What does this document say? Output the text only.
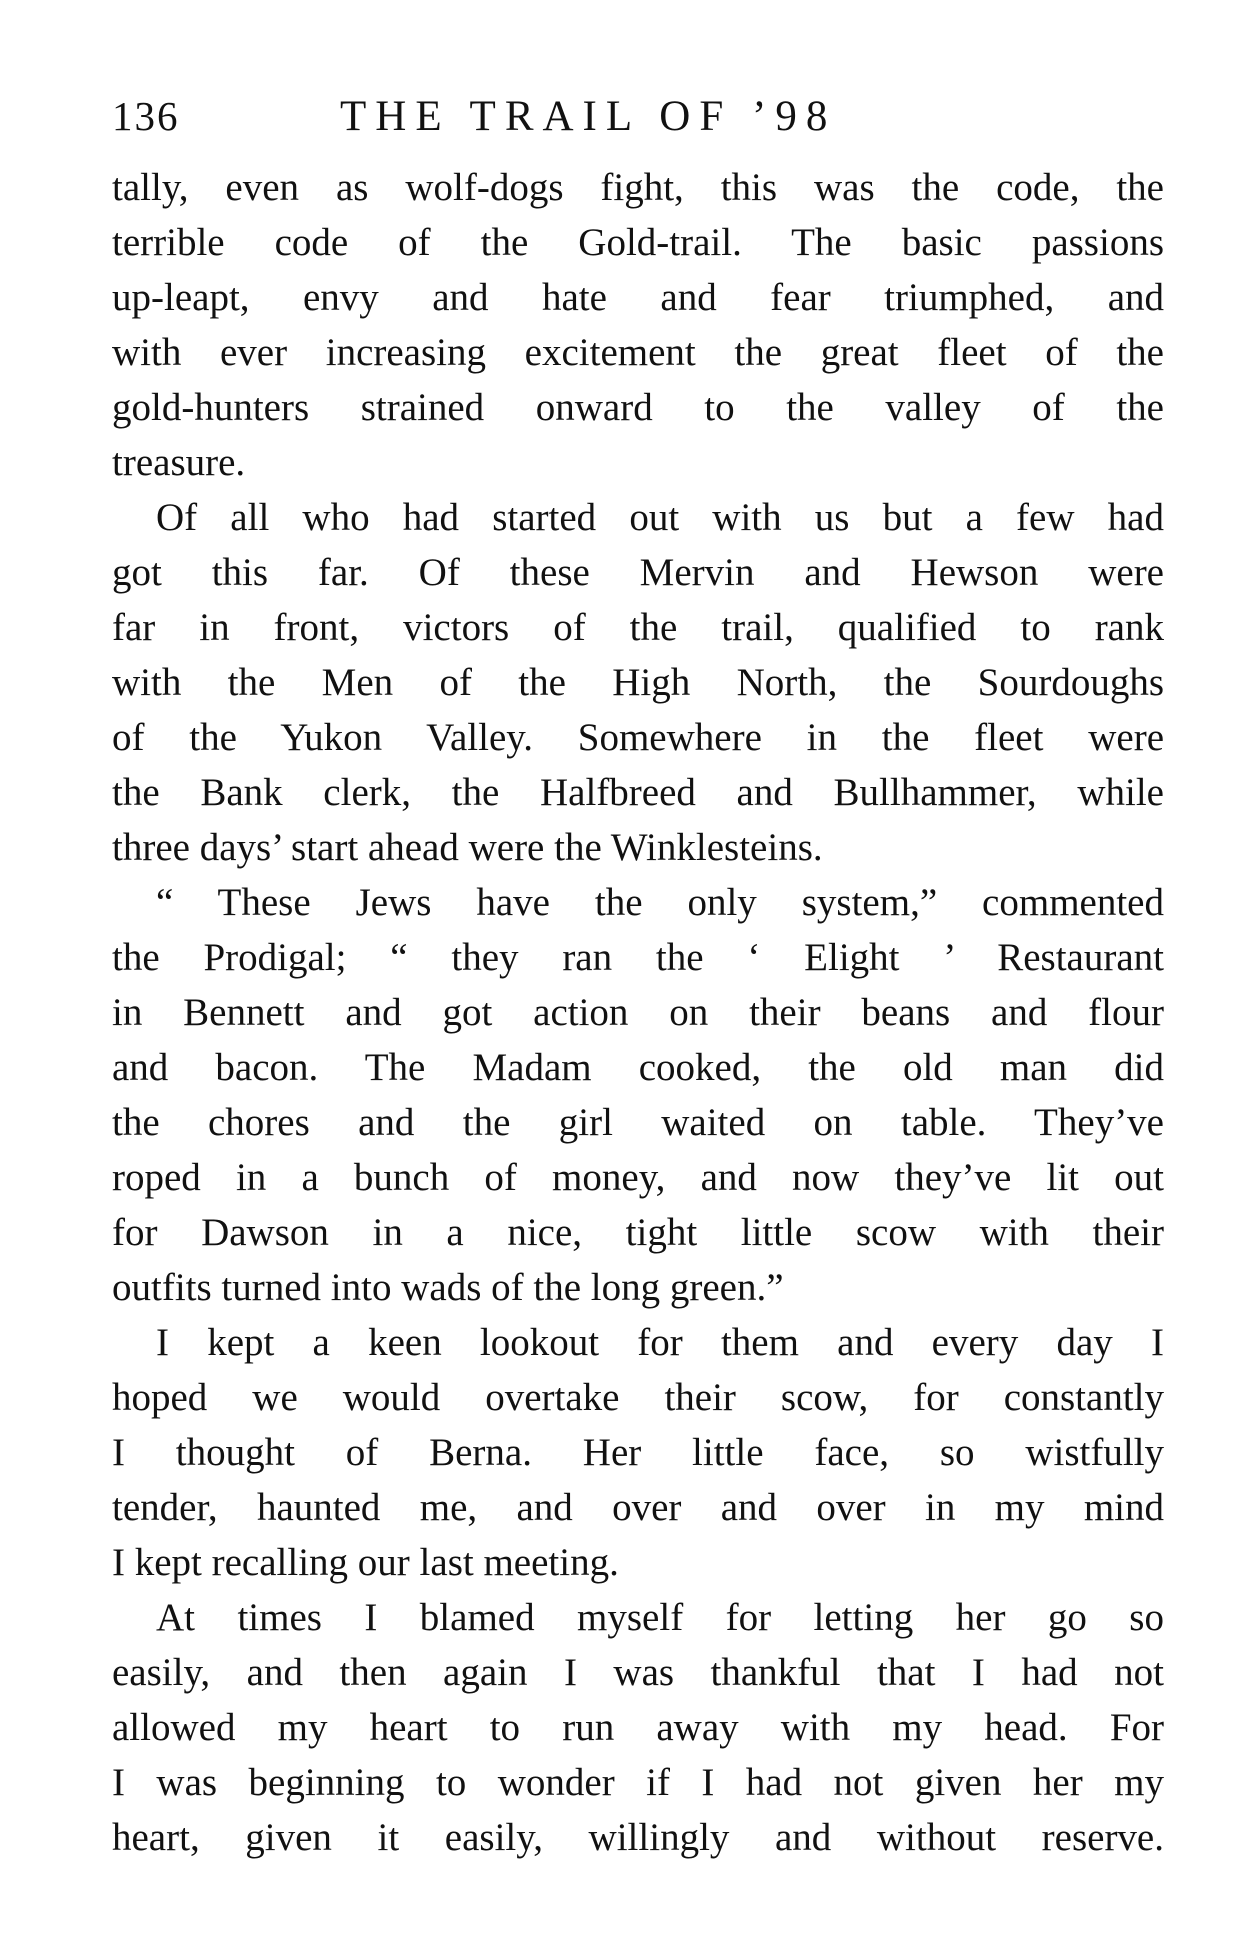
136	THE TRAIL OF ’98
tally, even as wolf-dogs fight, this was the code, the
terrible code of the Gold-trail. The basic passions
up-leapt, envy and hate and fear triumphed, and
with ever increasing excitement the great fleet of the
gold-hunters strained onward to the valley of the
treasure.
Of all who had started out with us but a few had
got this far. Of these Mervin and Hewson were
far in front, victors of the trail, qualified to rank
with the Men of the High North, the Sourdoughs
of the Yukon Valley. Somewhere in the fleet were
the Bank clerk, the Halfbreed and Bullhammer, while
three days’ start ahead were the Winklesteins.
“ These Jews have the only system,” commented
the Prodigal; “ they ran the ‘ Elight ’ Restaurant
in Bennett and got action on their beans and flour
and bacon. The Madam cooked, the old man did
the chores and the girl waited on table. They’ve
roped in a bunch of money, and now they’ve lit out
for Dawson in a nice, tight little scow with their
outfits turned into wads of the long green.”
I kept a keen lookout for them and every day I
hoped we would overtake their scow, for constantly
I thought of Berna. Her little face, so wistfully
tender, haunted me, and over and over in my mind
I kept recalling our last meeting.
At times I blamed myself for letting her go so
easily, and then again I was thankful that I had not
allowed my heart to run away with my head. For
I was beginning to wonder if I had not given her my
heart, given it easily, willingly and without reserve.
